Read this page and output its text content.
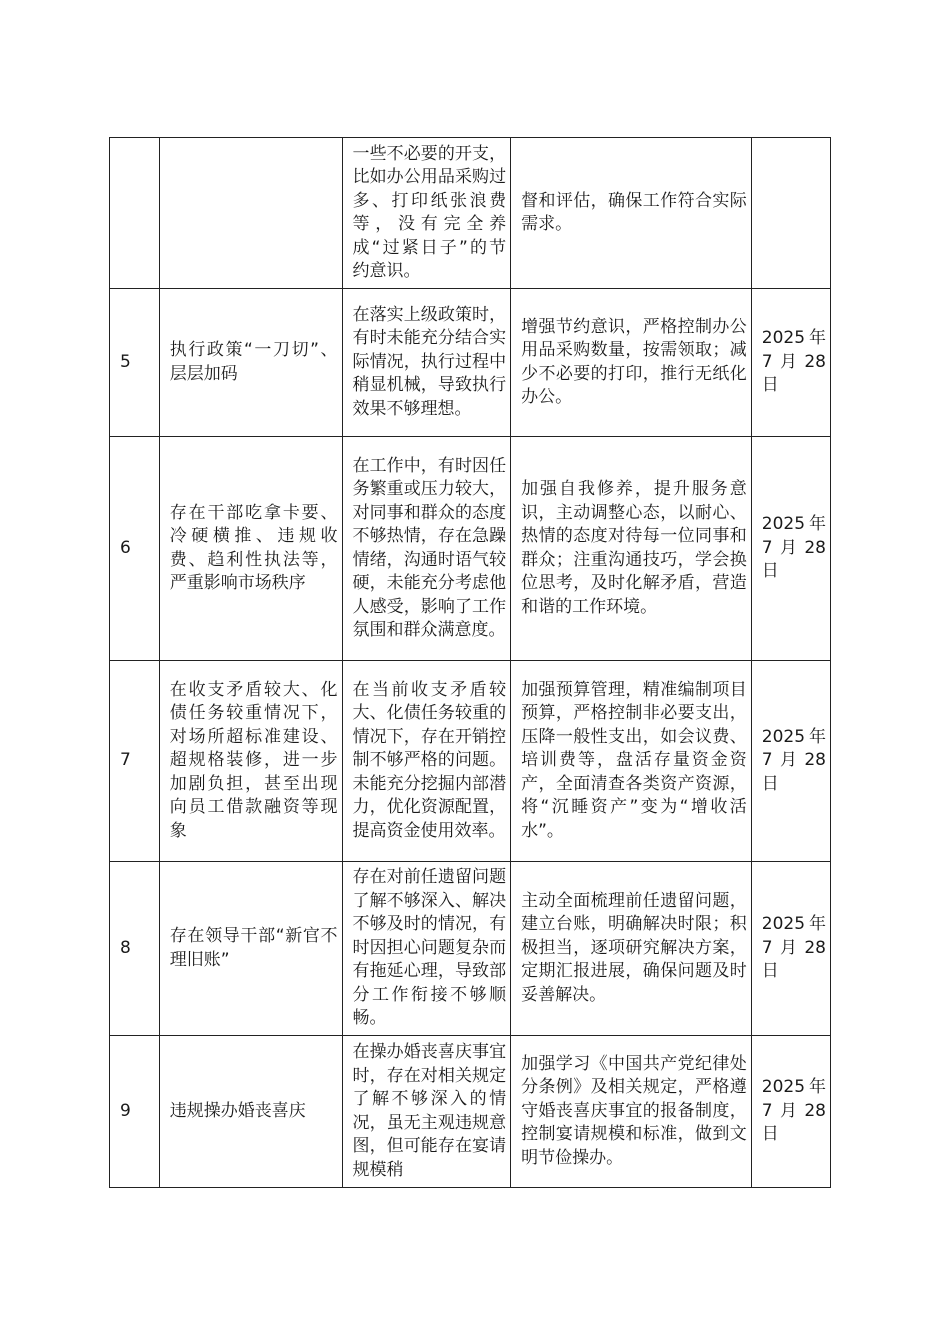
		一些不必要的开支，比如办公用品采购过多、打印纸张浪费等，没有完全养成“过紧日子”的节约意识。	督和评估，确保工作符合实际需求。	
5	执行政策“一刀切”、层层加码	在落实上级政策时，有时未能充分结合实际情况，执行过程中稍显机械，导致执行效果不够理想。	增强节约意识，严格控制办公用品采购数量，按需领取；减少不必要的打印，推行无纸化办公。	2025年7月28日
6	存在干部吃拿卡要、冷硬横推、违规收费、趋利性执法等，严重影响市场秩序	在工作中，有时因任务繁重或压力较大，对同事和群众的态度不够热情，存在急躁情绪，沟通时语气较硬，未能充分考虑他人感受，影响了工作氛围和群众满意度。	加强自我修养，提升服务意识，主动调整心态，以耐心、热情的态度对待每一位同事和群众；注重沟通技巧，学会换位思考，及时化解矛盾，营造和谐的工作环境。	2025年7月28日
7	在收支矛盾较大、化债任务较重情况下，对场所超标准建设、超规格装修，进一步加剧负担，甚至出现向员工借款融资等现象	在当前收支矛盾较大、化债任务较重的情况下，存在开销控制不够严格的问题。未能充分挖掘内部潜力，优化资源配置，提高资金使用效率。	加强预算管理，精准编制项目预算，严格控制非必要支出，压降一般性支出，如会议费、培训费等，盘活存量资金资产，全面清查各类资产资源，将“沉睡资产”变为“增收活水”。	2025年7月28日
8	存在领导干部“新官不理旧账”	存在对前任遗留问题了解不够深入、解决不够及时的情况，有时因担心问题复杂而有拖延心理，导致部分工作衔接不够顺畅。	主动全面梳理前任遗留问题，建立台账，明确解决时限；积极担当，逐项研究解决方案，定期汇报进展，确保问题及时妥善解决。	2025年7月28日
9	违规操办婚丧喜庆	在操办婚丧喜庆事宜时，存在对相关规定了解不够深入的情况，虽无主观违规意图，但可能存在宴请规模稍	加强学习《中国共产党纪律处分条例》及相关规定，严格遵守婚丧喜庆事宜的报备制度，控制宴请规模和标准，做到文明节俭操办。	2025年7月28日
